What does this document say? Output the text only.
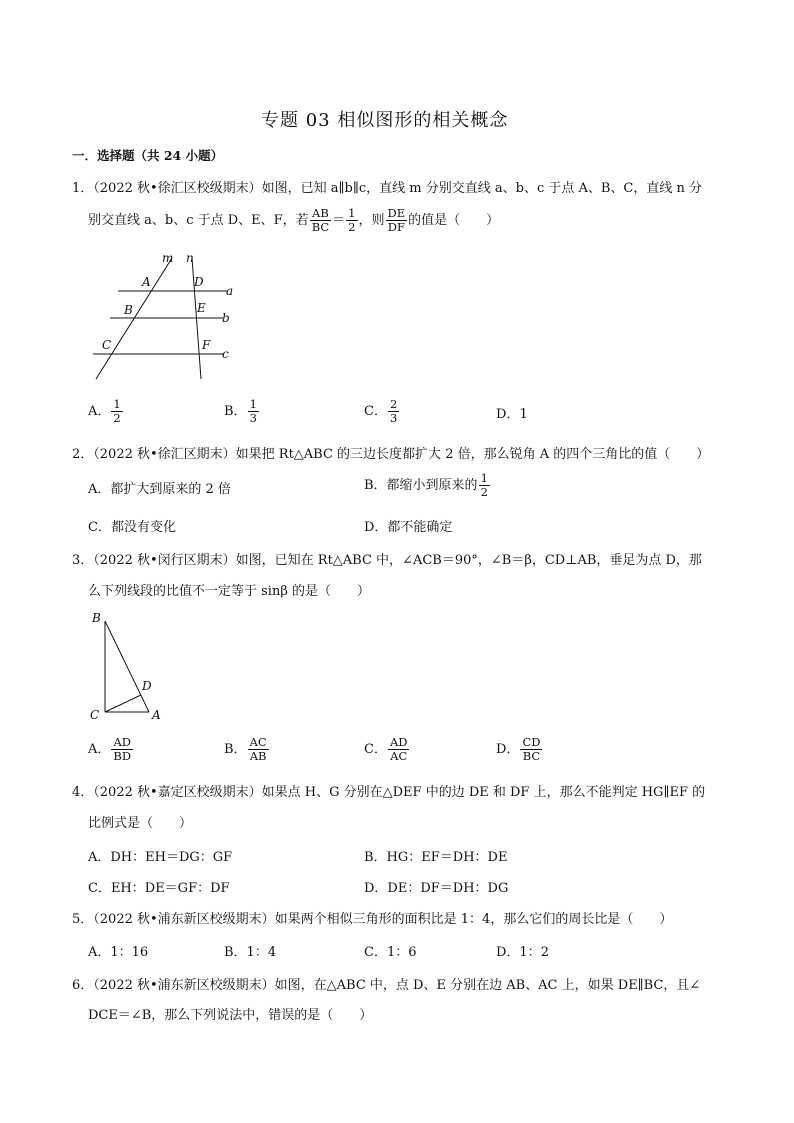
专题 03 相似图形的相关概念
一．选择题（共 24 小题）
1．（2022 秋•徐汇区校级期末）如图，已知 a∥b∥c，直线 m 分别交直线 a、b、c 于点 A、B、C，直线 n 分
别交直线 a、b、c 于点 D、E、F，若 $\frac{AB}{BC} = \frac{1}{2}$ ，则 $\frac{DE}{DF}$ 的值是（　　）
m n
A	D
a
B	E
b
C	F
c
A． $\frac{1}{2}$	B． $\frac{1}{3}$	C． $\frac{2}{3}$	D．1
2．（2022 秋•徐汇区期末）如果把 Rt△ABC 的三边长度都扩大 2 倍，那么锐角 A 的四个三角比的值（　　）
A．都扩大到原来的 2 倍	B．都缩小到原来的 $\frac{1}{2}$
C．都没有变化	D．都不能确定
3．（2022 秋•闵行区期末）如图，已知在 Rt△ABC 中，∠ACB＝90°，∠B＝β，CD⊥AB，垂足为点 D，那
么下列线段的比值不一定等于 sinβ 的是（　　）
B
D
C	A
A． $\frac{AD}{BD}$	B． $\frac{AC}{AB}$	C． $\frac{AD}{AC}$	D． $\frac{CD}{BC}$
4．（2022 秋•嘉定区校级期末）如果点 H、G 分别在△DEF 中的边 DE 和 DF 上，那么不能判定 HG∥EF 的
比例式是（　　）
A．DH：EH＝DG：GF	B．HG：EF＝DH：DE
C．EH：DE＝GF：DF	D．DE：DF＝DH：DG
5．（2022 秋•浦东新区校级期末）如果两个相似三角形的面积比是 1：4，那么它们的周长比是（　　）
A．1：16	B．1：4	C．1：6	D．1：2
6．（2022 秋•浦东新区校级期末）如图，在△ABC 中，点 D、E 分别在边 AB、AC 上，如果 DE∥BC，且∠
DCE＝∠B，那么下列说法中，错误的是（　　）
